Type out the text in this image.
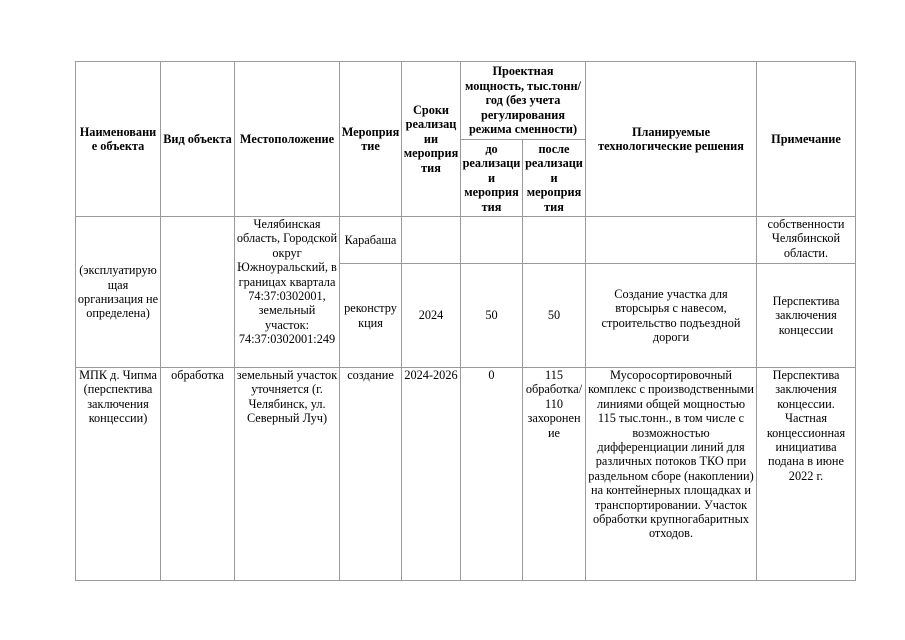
Наименовани е объекта	Вид объекта	Местоположение	Мероприя тие	Сроки реализац ии мероприя тия	Проектная мощность, тыс.тонн/год (без учета регулирования режима сменности)		Планируемые технологические решения	Примечание
					до реализаци и мероприя тия	после реализаци и мероприя тия		
(эксплуатирую щая организация не определена)		Челябинская область, Городской округ Южноуральский, в границах квартала 74:37:0302001, земельный участок: 74:37:0302001:249	Карабаша					собственности Челябинской области.
			реконстру кция	2024	50	50	Создание участка для вторсырья с навесом, строительство подъездной дороги	Перспектива заключения концессии
МПК д. Чипма (перспектива заключения концессии)	обработка	земельный участок уточняется (г. Челябинск, ул. Северный Луч)	создание	2024-2026	0	115 обработка/ 110 захоронен ие	Мусоросортировочный комплекс с производственными линиями общей мощностью 115 тыс.тонн., в том числе с возможностью дифференциации линий для различных потоков ТКО при раздельном сборе (накоплении) на контейнерных площадках и транспортировании. Участок обработки крупногабаритных отходов.	Перспектива заключения концессии. Частная концессионная инициатива подана в июне 2022 г.
